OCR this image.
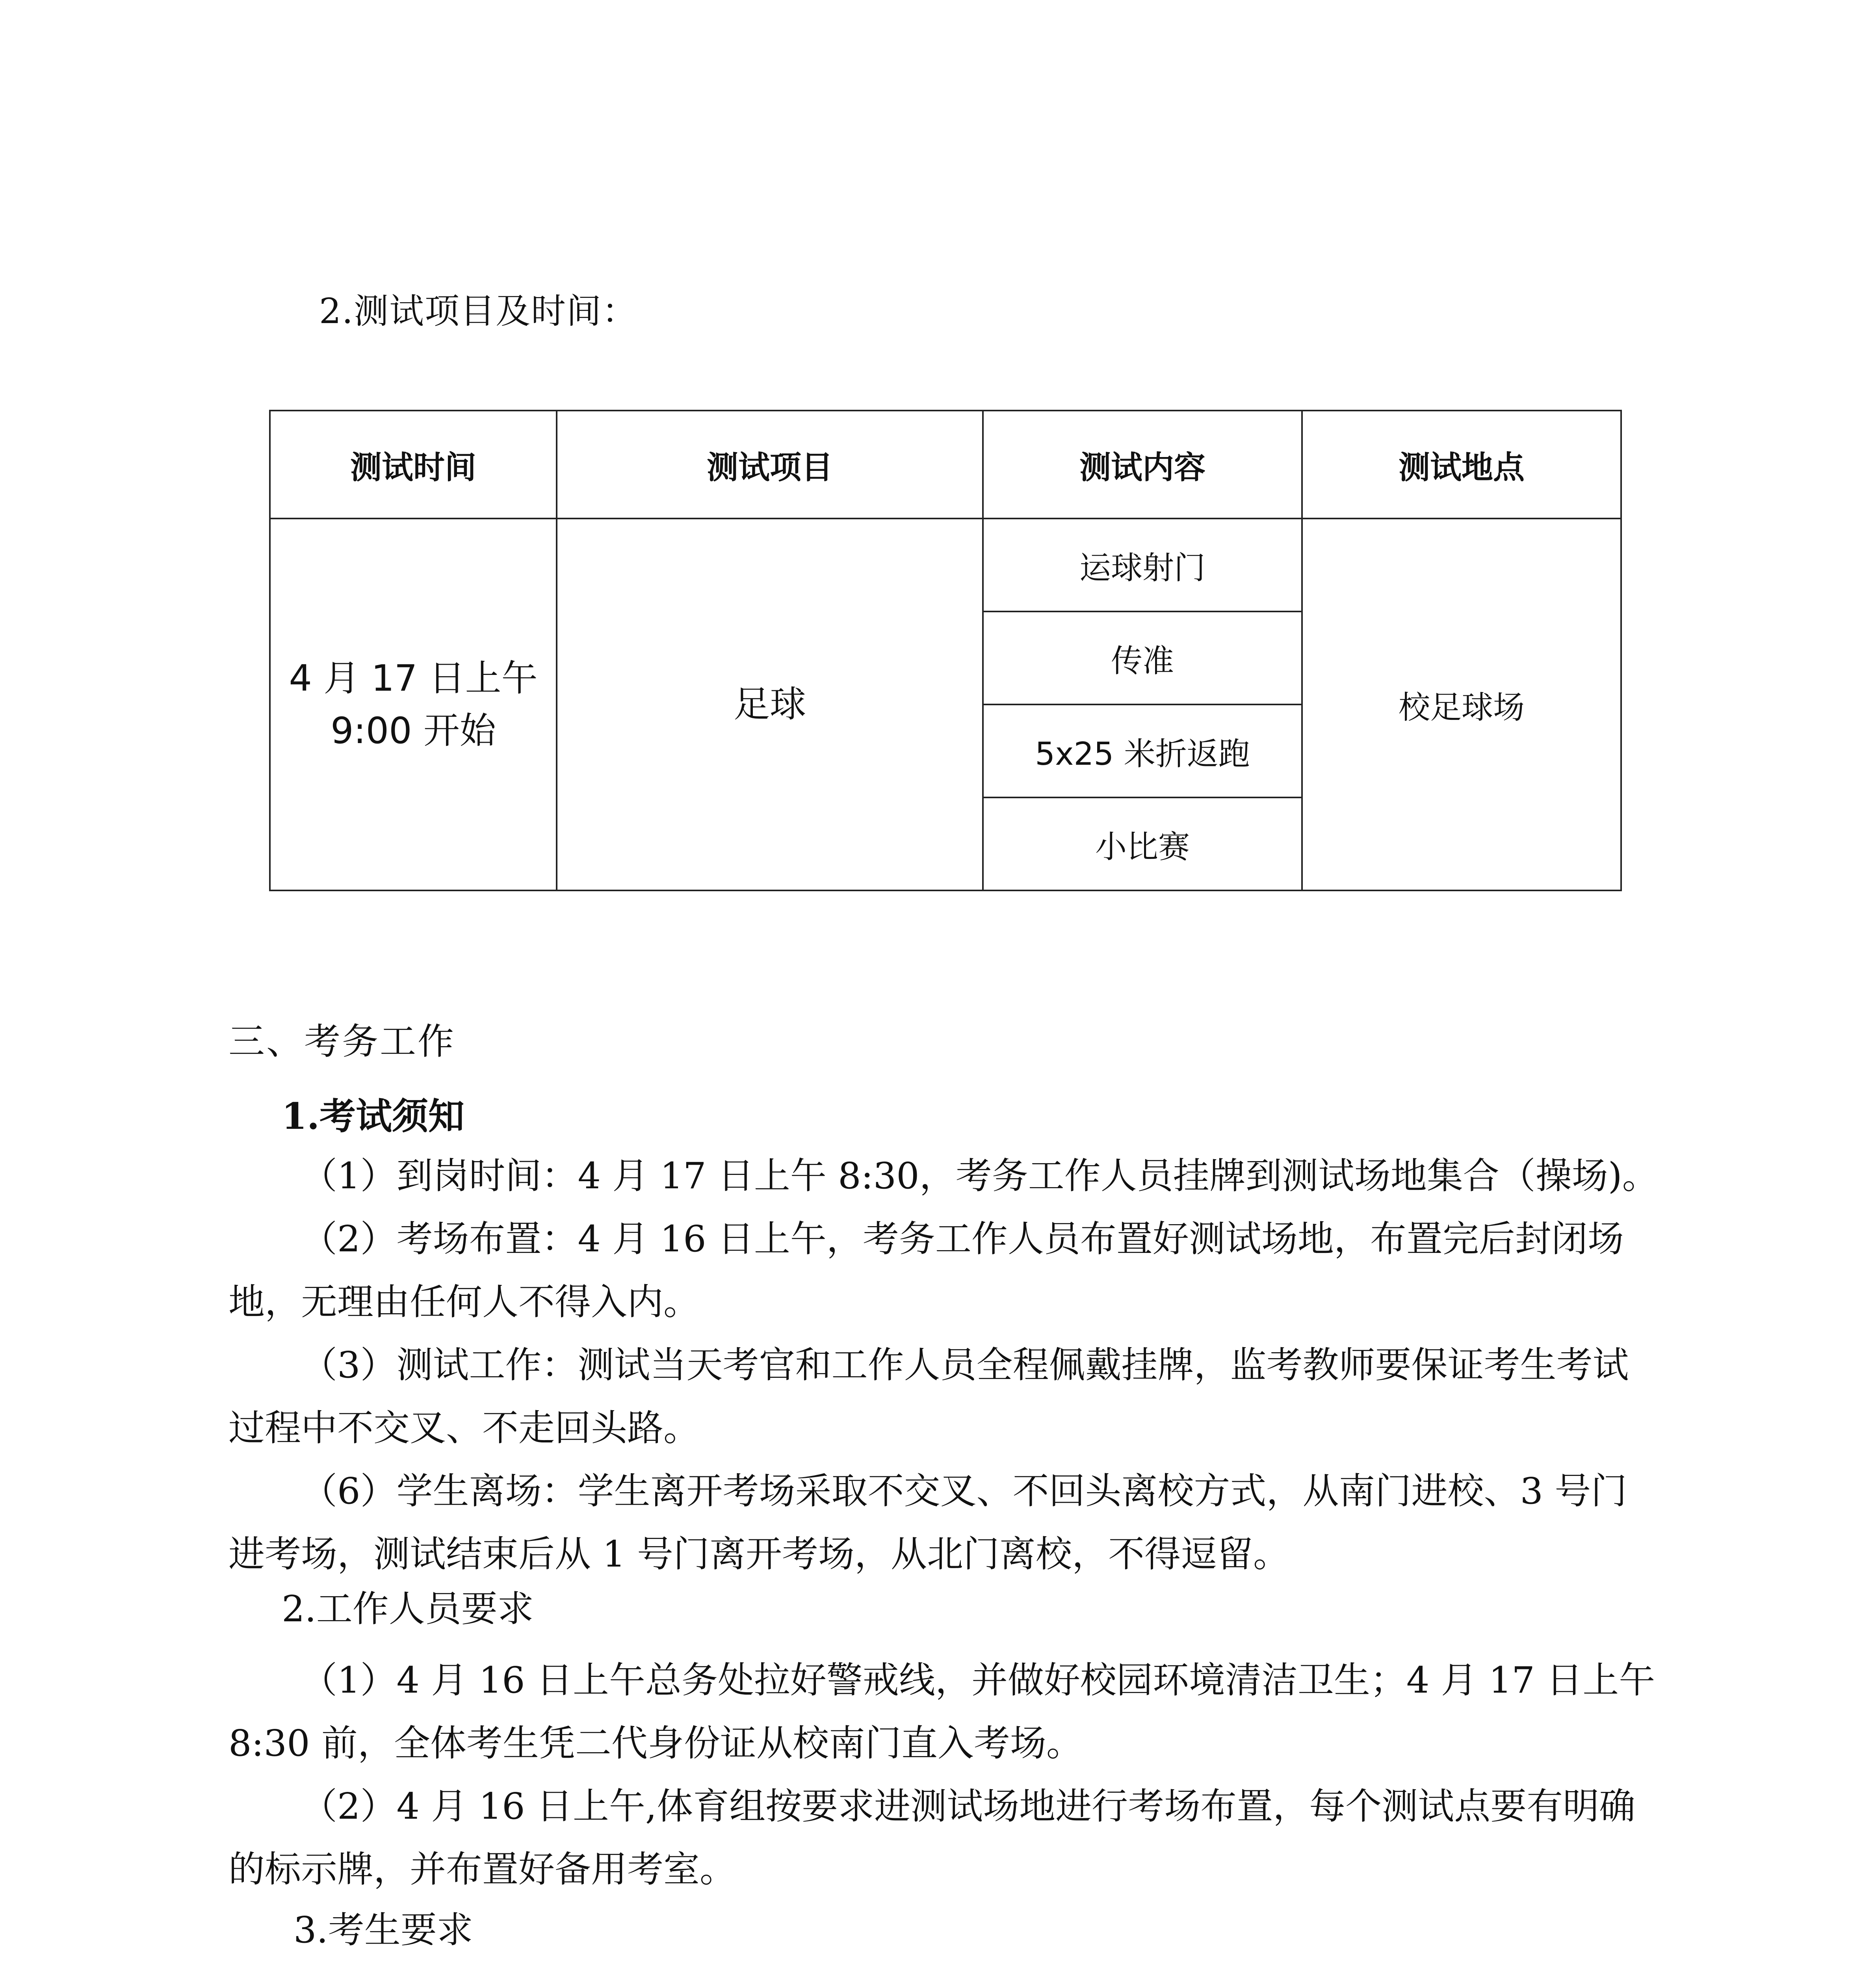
2.测试项目及时间：
测试时间	测试项目	测试内容	测试地点
4 月 17 日上午
9:00 开始	足球	运球射门	校足球场
		传准	
		5x25 米折返跑	
		小比赛	
三、考务工作
1.考试须知
（1）到岗时间：4 月 17 日上午 8:30，考务工作人员挂牌到测试场地集合（操场)。
（2）考场布置：4 月 16 日上午，考务工作人员布置好测试场地，布置完后封闭场地，无理由任何人不得入内。
（3）测试工作：测试当天考官和工作人员全程佩戴挂牌，监考教师要保证考生考试过程中不交叉、不走回头路。
（6）学生离场：学生离开考场采取不交叉、不回头离校方式，从南门进校、3 号门进考场，测试结束后从 1 号门离开考场，从北门离校，不得逗留。
2.工作人员要求
（1）4 月 16 日上午总务处拉好警戒线，并做好校园环境清洁卫生；4 月 17 日上午 8:30 前，全体考生凭二代身份证从校南门直入考场。
（2）4 月 16 日上午,体育组按要求进测试场地进行考场布置，每个测试点要有明确的标示牌，并布置好备用考室。
3.考生要求
